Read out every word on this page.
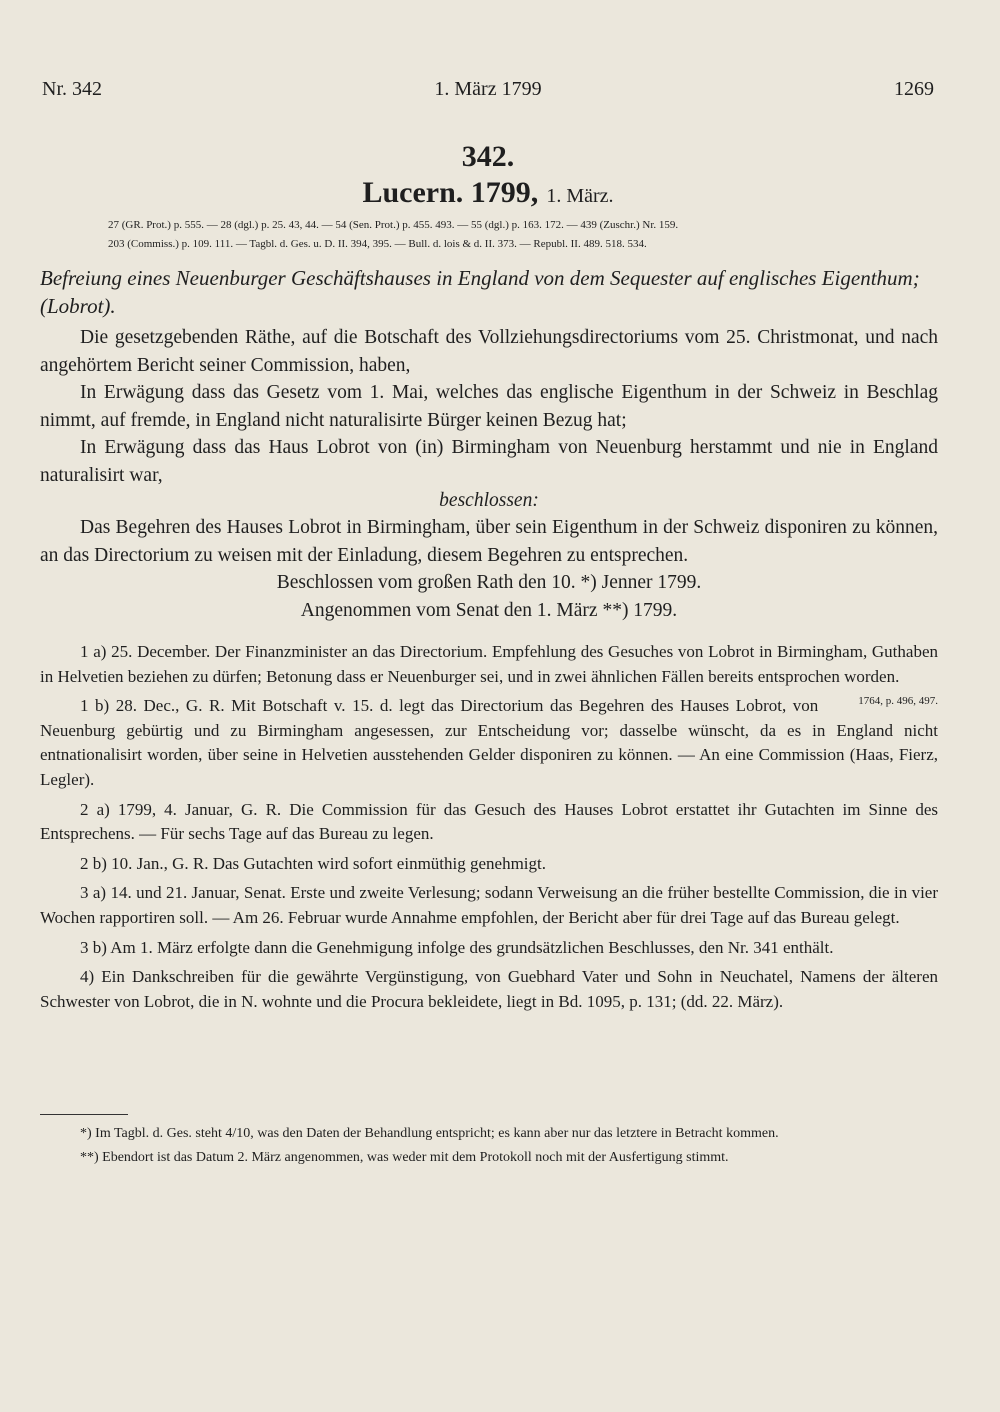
Nr. 342	1. März 1799	1269
342.
Lucern. 1799, 1. März.
27 (GR. Prot.) p. 555. — 28 (dgl.) p. 25. 43, 44. — 54 (Sen. Prot.) p. 455. 493. — 55 (dgl.) p. 163. 172. — 439 (Zuschr.) Nr. 159.
203 (Commiss.) p. 109. 111. — Tagbl. d. Ges. u. D. II. 394, 395. — Bull. d. lois & d. II. 373. — Republ. II. 489. 518. 534.
Befreiung eines Neuenburger Geschäftshauses in England von dem Sequester auf englisches Eigenthum; (Lobrot).

Die gesetzgebenden Räthe, auf die Botschaft des Vollziehungsdirectoriums vom 25. Christmonat, und nach angehörtem Bericht seiner Commission, haben,

In Erwägung dass das Gesetz vom 1. Mai, welches das englische Eigenthum in der Schweiz in Beschlag nimmt, auf fremde, in England nicht naturalisirte Bürger keinen Bezug hat;

In Erwägung dass das Haus Lobrot von (in) Birmingham von Neuenburg herstammt und nie in England naturalisirt war,

beschlossen:

Das Begehren des Hauses Lobrot in Birmingham, über sein Eigenthum in der Schweiz disponiren zu können, an das Directorium zu weisen mit der Einladung, diesem Begehren zu entsprechen.

Beschlossen vom großen Rath den 10. *) Jenner 1799.

Angenommen vom Senat den 1. März **) 1799.

1 a) 25. December. Der Finanzminister an das Directorium. Empfehlung des Gesuches von Lobrot in Birmingham, Guthaben in Helvetien beziehen zu dürfen; Betonung dass er Neuenburger sei, und in zwei ähnlichen Fällen bereits entsprochen worden.
1764, p. 496, 497.

1 b) 28. Dec., G. R. Mit Botschaft v. 15. d. legt das Directorium das Begehren des Hauses Lobrot, von Neuenburg gebürtig und zu Birmingham angesessen, zur Entscheidung vor; dasselbe wünscht, da es in England nicht entnationalisirt worden, über seine in Helvetien ausstehenden Gelder disponiren zu können. — An eine Commission (Haas, Fierz, Legler).

2 a) 1799, 4. Januar, G. R. Die Commission für das Gesuch des Hauses Lobrot erstattet ihr Gutachten im Sinne des Entsprechens. — Für sechs Tage auf das Bureau zu legen.

2 b) 10. Jan., G. R. Das Gutachten wird sofort einmüthig genehmigt.

3 a) 14. und 21. Januar, Senat. Erste und zweite Verlesung; sodann Verweisung an die früher bestellte Commission, die in vier Wochen rapportiren soll. — Am 26. Februar wurde Annahme empfohlen, der Bericht aber für drei Tage auf das Bureau gelegt.

3 b) Am 1. März erfolgte dann die Genehmigung infolge des grundsätzlichen Beschlusses, den Nr. 341 enthält.

4) Ein Dankschreiben für die gewährte Vergünstigung, von Guebhard Vater und Sohn in Neuchatel, Namens der älteren Schwester von Lobrot, die in N. wohnte und die Procura bekleidete, liegt in Bd. 1095, p. 131; (dd. 22. März).

*) Im Tagbl. d. Ges. steht 4/10, was den Daten der Behandlung entspricht; es kann aber nur das letztere in Betracht kommen.

**) Ebendort ist das Datum 2. März angenommen, was weder mit dem Protokoll noch mit der Ausfertigung stimmt.
